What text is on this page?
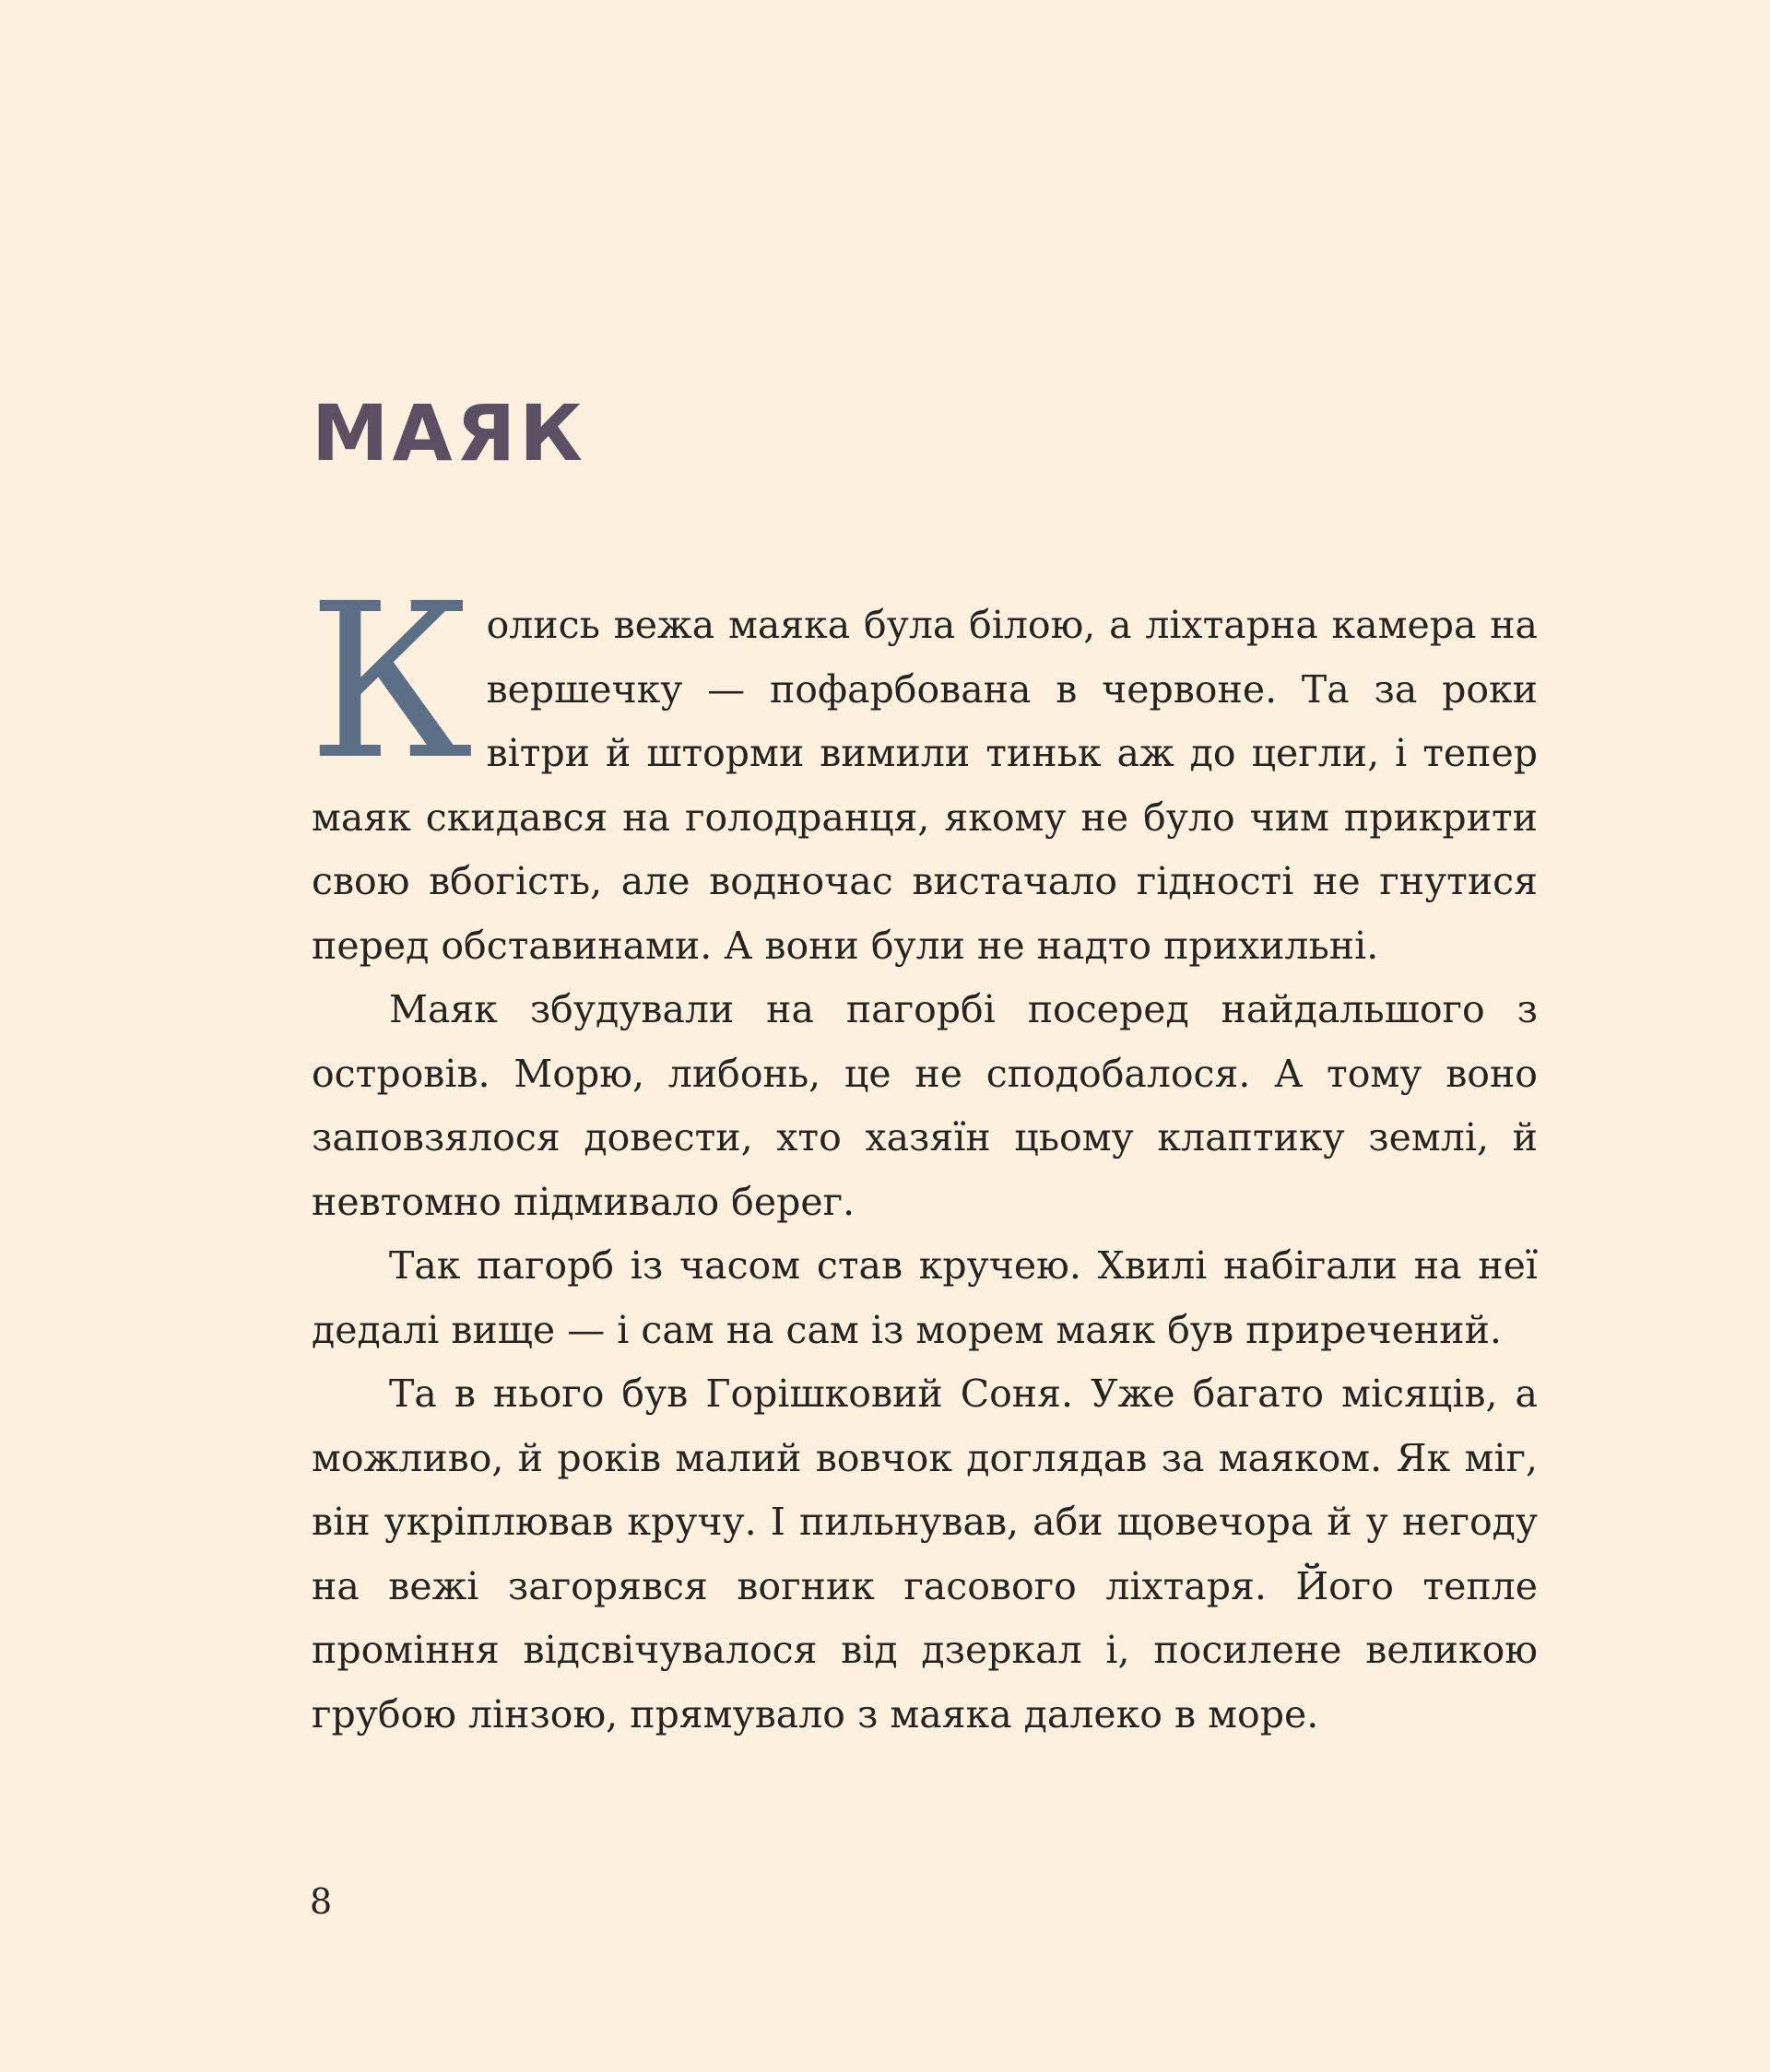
МАЯК

Колись вежа маяка була білою, а ліхтарна камера на вершечку — пофарбована в червоне. Та за роки вітри й шторми вимили тиньк аж до цегли, і тепер маяк скидався на голодранця, якому не було чим прикрити свою вбогість, але водночас вистачало гідності не гнутися перед обставинами. А вони були не надто прихильні.

Маяк збудували на пагорбі посеред найдальшого з островів. Морю, либонь, це не сподобалося. А тому воно заповзялося довести, хто хазяїн цьому клаптику землі, й невтомно підмивало берег.

Так пагорб із часом став кручею. Хвилі набігали на неї дедалі вище — і сам на сам із морем маяк був приречений.

Та в нього був Горішковий Соня. Уже багато місяців, а можливо, й років малий вовчок доглядав за маяком. Як міг, він укріплював кручу. І пильнував, аби щовечора й у негоду на вежі загорявся вогник гасового ліхтаря. Його тепле проміння відсвічувалося від дзеркал і, посилене великою грубою лінзою, прямувало з маяка далеко в море.

8
